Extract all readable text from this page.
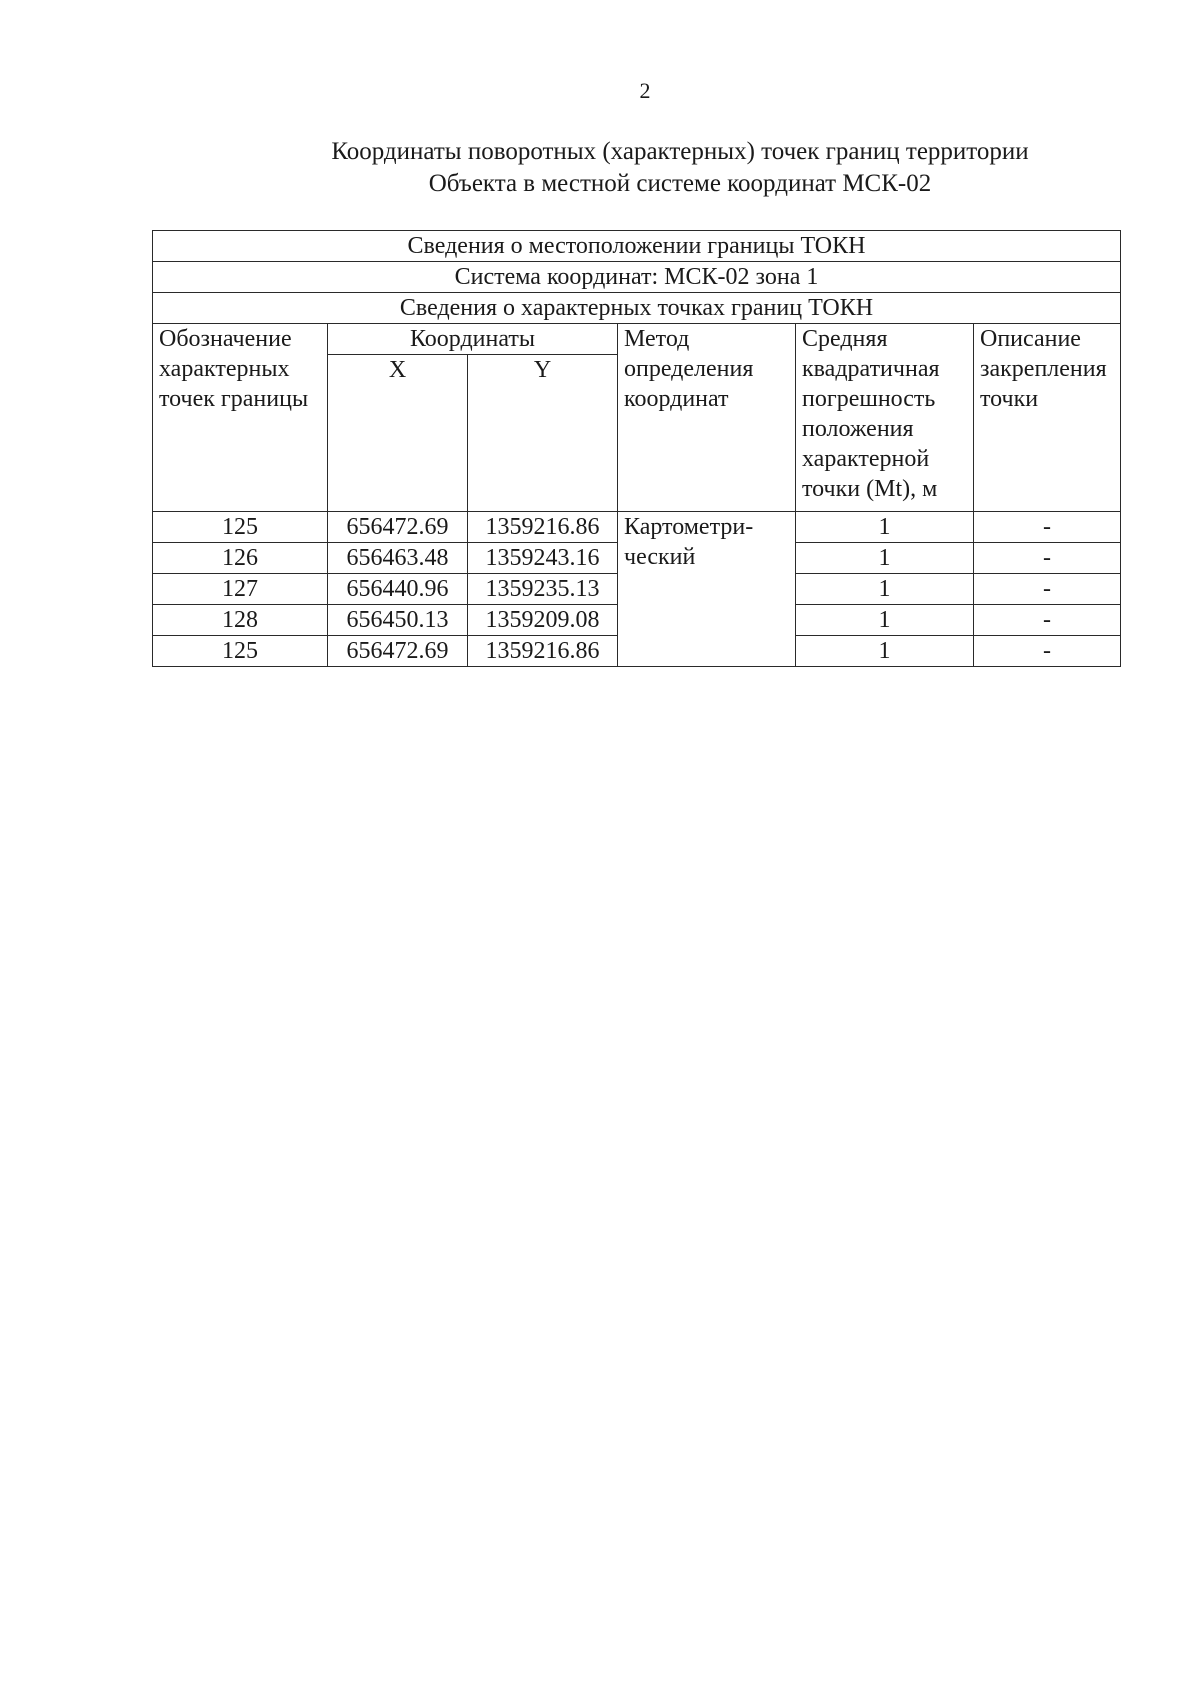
2
Координаты поворотных (характерных) точек границ территории
Объекта в местной системе координат МСК-02
Сведения о местоположении границы ТОКН					
Система координат: МСК-02 зона 1					
Сведения о характерных точках границ ТОКН					
Обозначение характерных точек границы	Координаты		Метод определения координат	Средняя квадратичная погрешность положения характерной точки (Mt), м	Описание закрепления точки
	X	Y			
125	656472.69	1359216.86	Картометри-ческий	1	-
126	656463.48	1359243.16		1	-
127	656440.96	1359235.13		1	-
128	656450.13	1359209.08		1	-
125	656472.69	1359216.86		1	-
